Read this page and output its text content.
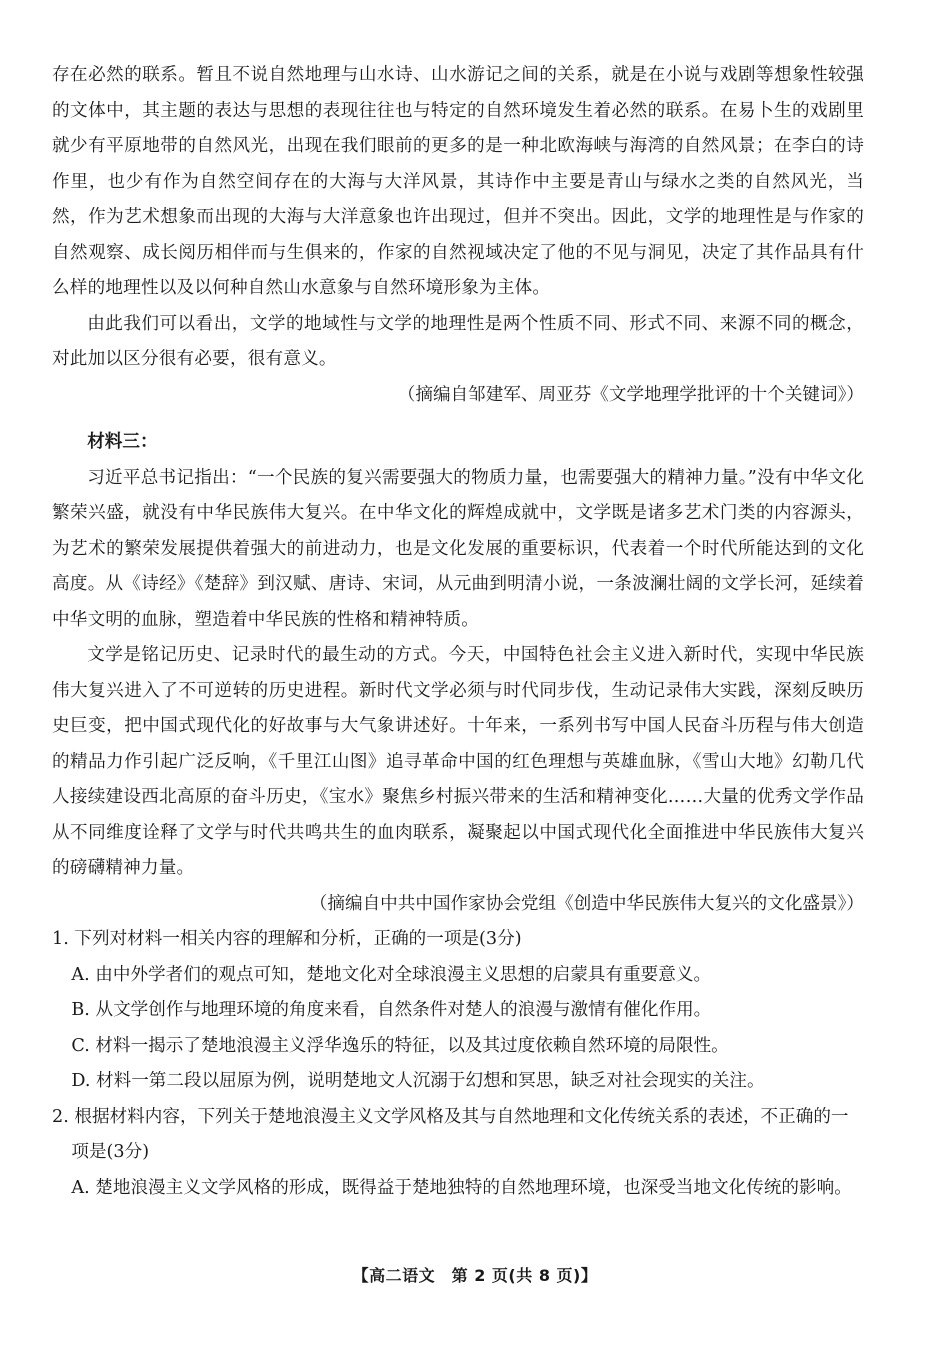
存在必然的联系。暂且不说自然地理与山水诗、山水游记之间的关系，就是在小说与戏剧等想象性较强的文体中，其主题的表达与思想的表现往往也与特定的自然环境发生着必然的联系。在易卜生的戏剧里就少有平原地带的自然风光，出现在我们眼前的更多的是一种北欧海峡与海湾的自然风景；在李白的诗作里，也少有作为自然空间存在的大海与大洋风景，其诗作中主要是青山与绿水之类的自然风光，当然，作为艺术想象而出现的大海与大洋意象也许出现过，但并不突出。因此，文学的地理性是与作家的自然观察、成长阅历相伴而与生俱来的，作家的自然视域决定了他的不见与洞见，决定了其作品具有什么样的地理性以及以何种自然山水意象与自然环境形象为主体。

由此我们可以看出，文学的地域性与文学的地理性是两个性质不同、形式不同、来源不同的概念，对此加以区分很有必要，很有意义。

（摘编自邹建军、周亚芬《文学地理学批评的十个关键词》）

材料三：

习近平总书记指出：“一个民族的复兴需要强大的物质力量，也需要强大的精神力量。”没有中华文化繁荣兴盛，就没有中华民族伟大复兴。在中华文化的辉煌成就中，文学既是诸多艺术门类的内容源头，为艺术的繁荣发展提供着强大的前进动力，也是文化发展的重要标识，代表着一个时代所能达到的文化高度。从《诗经》《楚辞》到汉赋、唐诗、宋词，从元曲到明清小说，一条波澜壮阔的文学长河，延续着中华文明的血脉，塑造着中华民族的性格和精神特质。

文学是铭记历史、记录时代的最生动的方式。今天，中国特色社会主义进入新时代，实现中华民族伟大复兴进入了不可逆转的历史进程。新时代文学必须与时代同步伐，生动记录伟大实践，深刻反映历史巨变，把中国式现代化的好故事与大气象讲述好。十年来，一系列书写中国人民奋斗历程与伟大创造的精品力作引起广泛反响，《千里江山图》追寻革命中国的红色理想与英雄血脉，《雪山大地》幻勒几代人接续建设西北高原的奋斗历史，《宝水》聚焦乡村振兴带来的生活和精神变化……大量的优秀文学作品从不同维度诠释了文学与时代共鸣共生的血肉联系，凝聚起以中国式现代化全面推进中华民族伟大复兴的磅礴精神力量。

（摘编自中共中国作家协会党组《创造中华民族伟大复兴的文化盛景》）

1. 下列对材料一相关内容的理解和分析，正确的一项是(3分)

A. 由中外学者们的观点可知，楚地文化对全球浪漫主义思想的启蒙具有重要意义。

B. 从文学创作与地理环境的角度来看，自然条件对楚人的浪漫与激情有催化作用。

C. 材料一揭示了楚地浪漫主义浮华逸乐的特征，以及其过度依赖自然环境的局限性。

D. 材料一第二段以屈原为例，说明楚地文人沉溺于幻想和冥思，缺乏对社会现实的关注。

2. 根据材料内容，下列关于楚地浪漫主义文学风格及其与自然地理和文化传统关系的表述，不正确的一项是(3分)

A. 楚地浪漫主义文学风格的形成，既得益于楚地独特的自然地理环境，也深受当地文化传统的影响。

【高二语文　第 2 页(共 8 页)】
